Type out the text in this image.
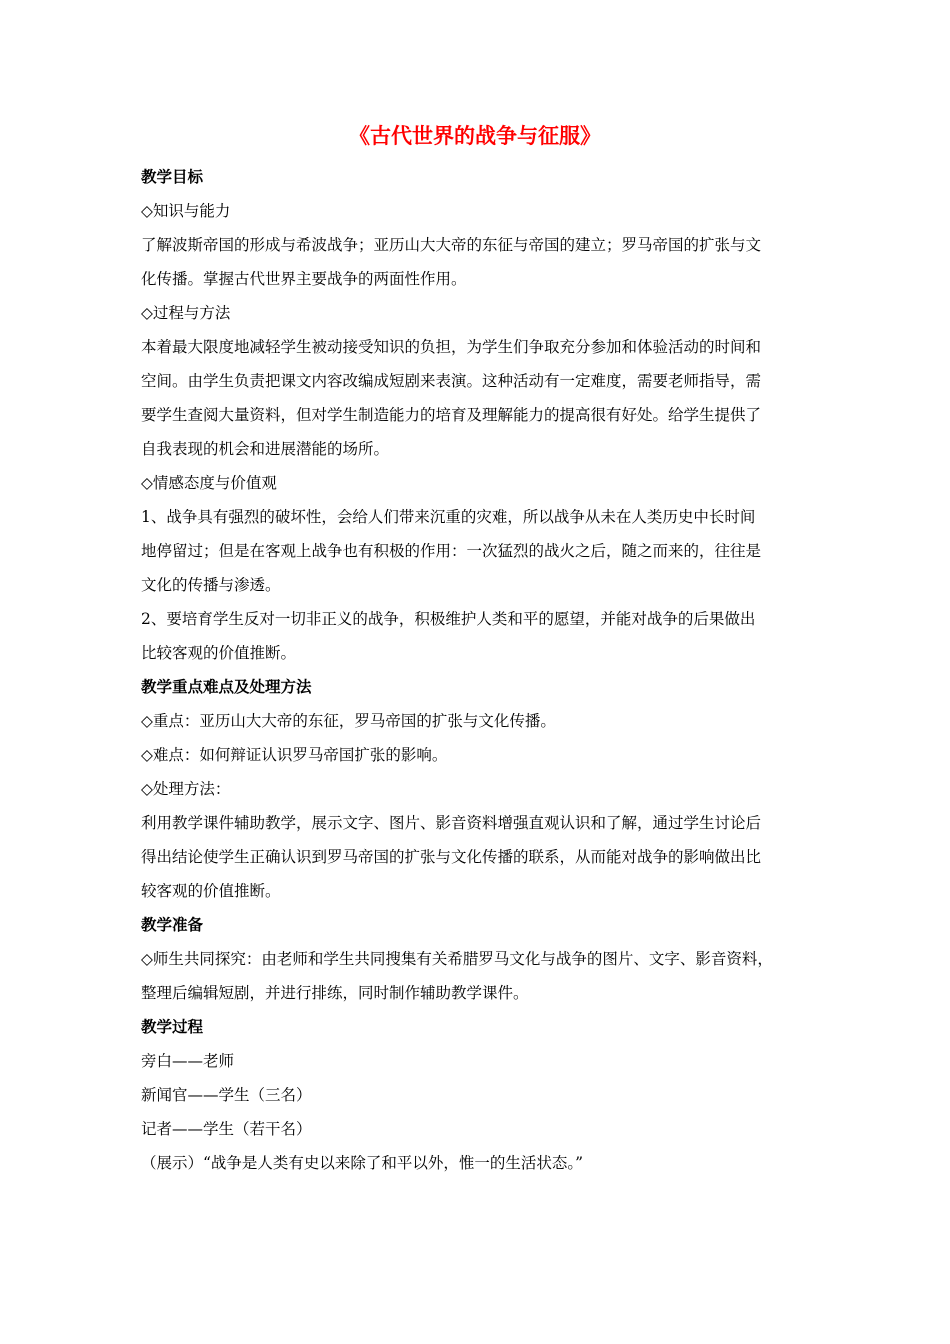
《古代世界的战争与征服》
教学目标
◇知识与能力
了解波斯帝国的形成与希波战争；亚历山大大帝的东征与帝国的建立；罗马帝国的扩张与文
化传播。掌握古代世界主要战争的两面性作用。
◇过程与方法
本着最大限度地减轻学生被动接受知识的负担，为学生们争取充分参加和体验活动的时间和
空间。由学生负责把课文内容改编成短剧来表演。这种活动有一定难度，需要老师指导，需
要学生查阅大量资料，但对学生制造能力的培育及理解能力的提高很有好处。给学生提供了
自我表现的机会和进展潜能的场所。
◇情感态度与价值观
1、战争具有强烈的破坏性，会给人们带来沉重的灾难，所以战争从未在人类历史中长时间
地停留过；但是在客观上战争也有积极的作用：一次猛烈的战火之后，随之而来的，往往是
文化的传播与渗透。
2、要培育学生反对一切非正义的战争，积极维护人类和平的愿望，并能对战争的后果做出
比较客观的价值推断。
教学重点难点及处理方法
◇重点：亚历山大大帝的东征，罗马帝国的扩张与文化传播。
◇难点：如何辩证认识罗马帝国扩张的影响。
◇处理方法：
利用教学课件辅助教学，展示文字、图片、影音资料增强直观认识和了解，通过学生讨论后
得出结论使学生正确认识到罗马帝国的扩张与文化传播的联系，从而能对战争的影响做出比
较客观的价值推断。
教学准备
◇师生共同探究：由老师和学生共同搜集有关希腊罗马文化与战争的图片、文字、影音资料，
整理后编辑短剧，并进行排练，同时制作辅助教学课件。
教学过程
旁白——老师
新闻官——学生（三名）
记者——学生（若干名）
（展示）“战争是人类有史以来除了和平以外，惟一的生活状态。”
